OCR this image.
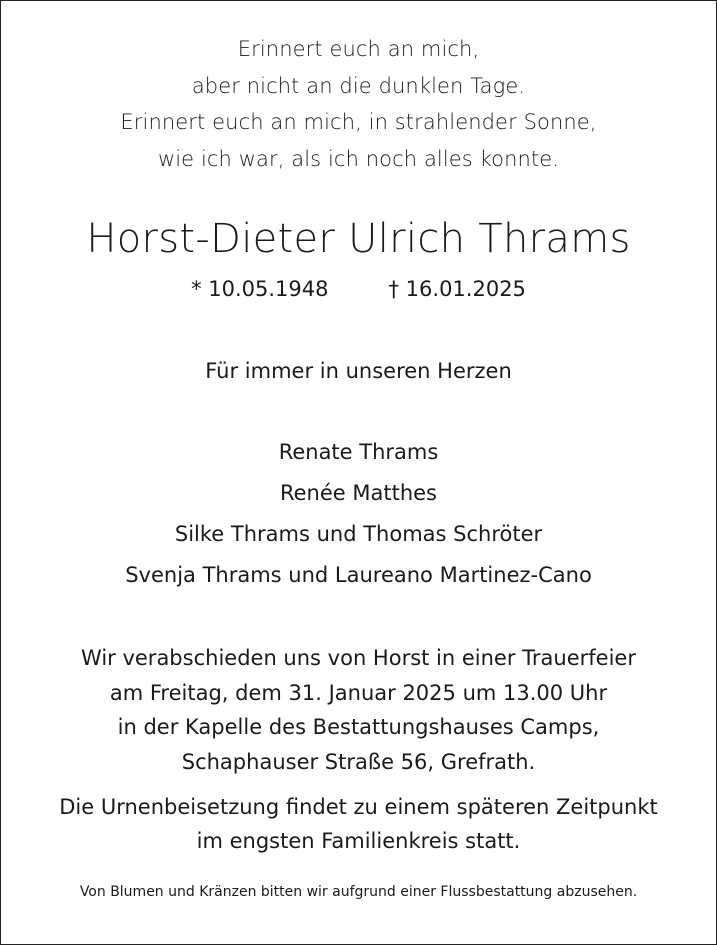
Erinnert euch an mich,
aber nicht an die dunklen Tage.
Erinnert euch an mich, in strahlender Sonne,
wie ich war, als ich noch alles konnte.
Horst-Dieter Ulrich Thrams
* 10.05.1948	† 16.01.2025
Für immer in unseren Herzen
Renate Thrams
Renée Matthes
Silke Thrams und Thomas Schröter
Svenja Thrams und Laureano Martinez-Cano
Wir verabschieden uns von Horst in einer Trauerfeier
am Freitag, dem 31. Januar 2025 um 13.00 Uhr
in der Kapelle des Bestattungshauses Camps,
Schaphauser Straße 56, Grefrath.
Die Urnenbeisetzung findet zu einem späteren Zeitpunkt
im engsten Familienkreis statt.
Von Blumen und Kränzen bitten wir aufgrund einer Flussbestattung abzusehen.
